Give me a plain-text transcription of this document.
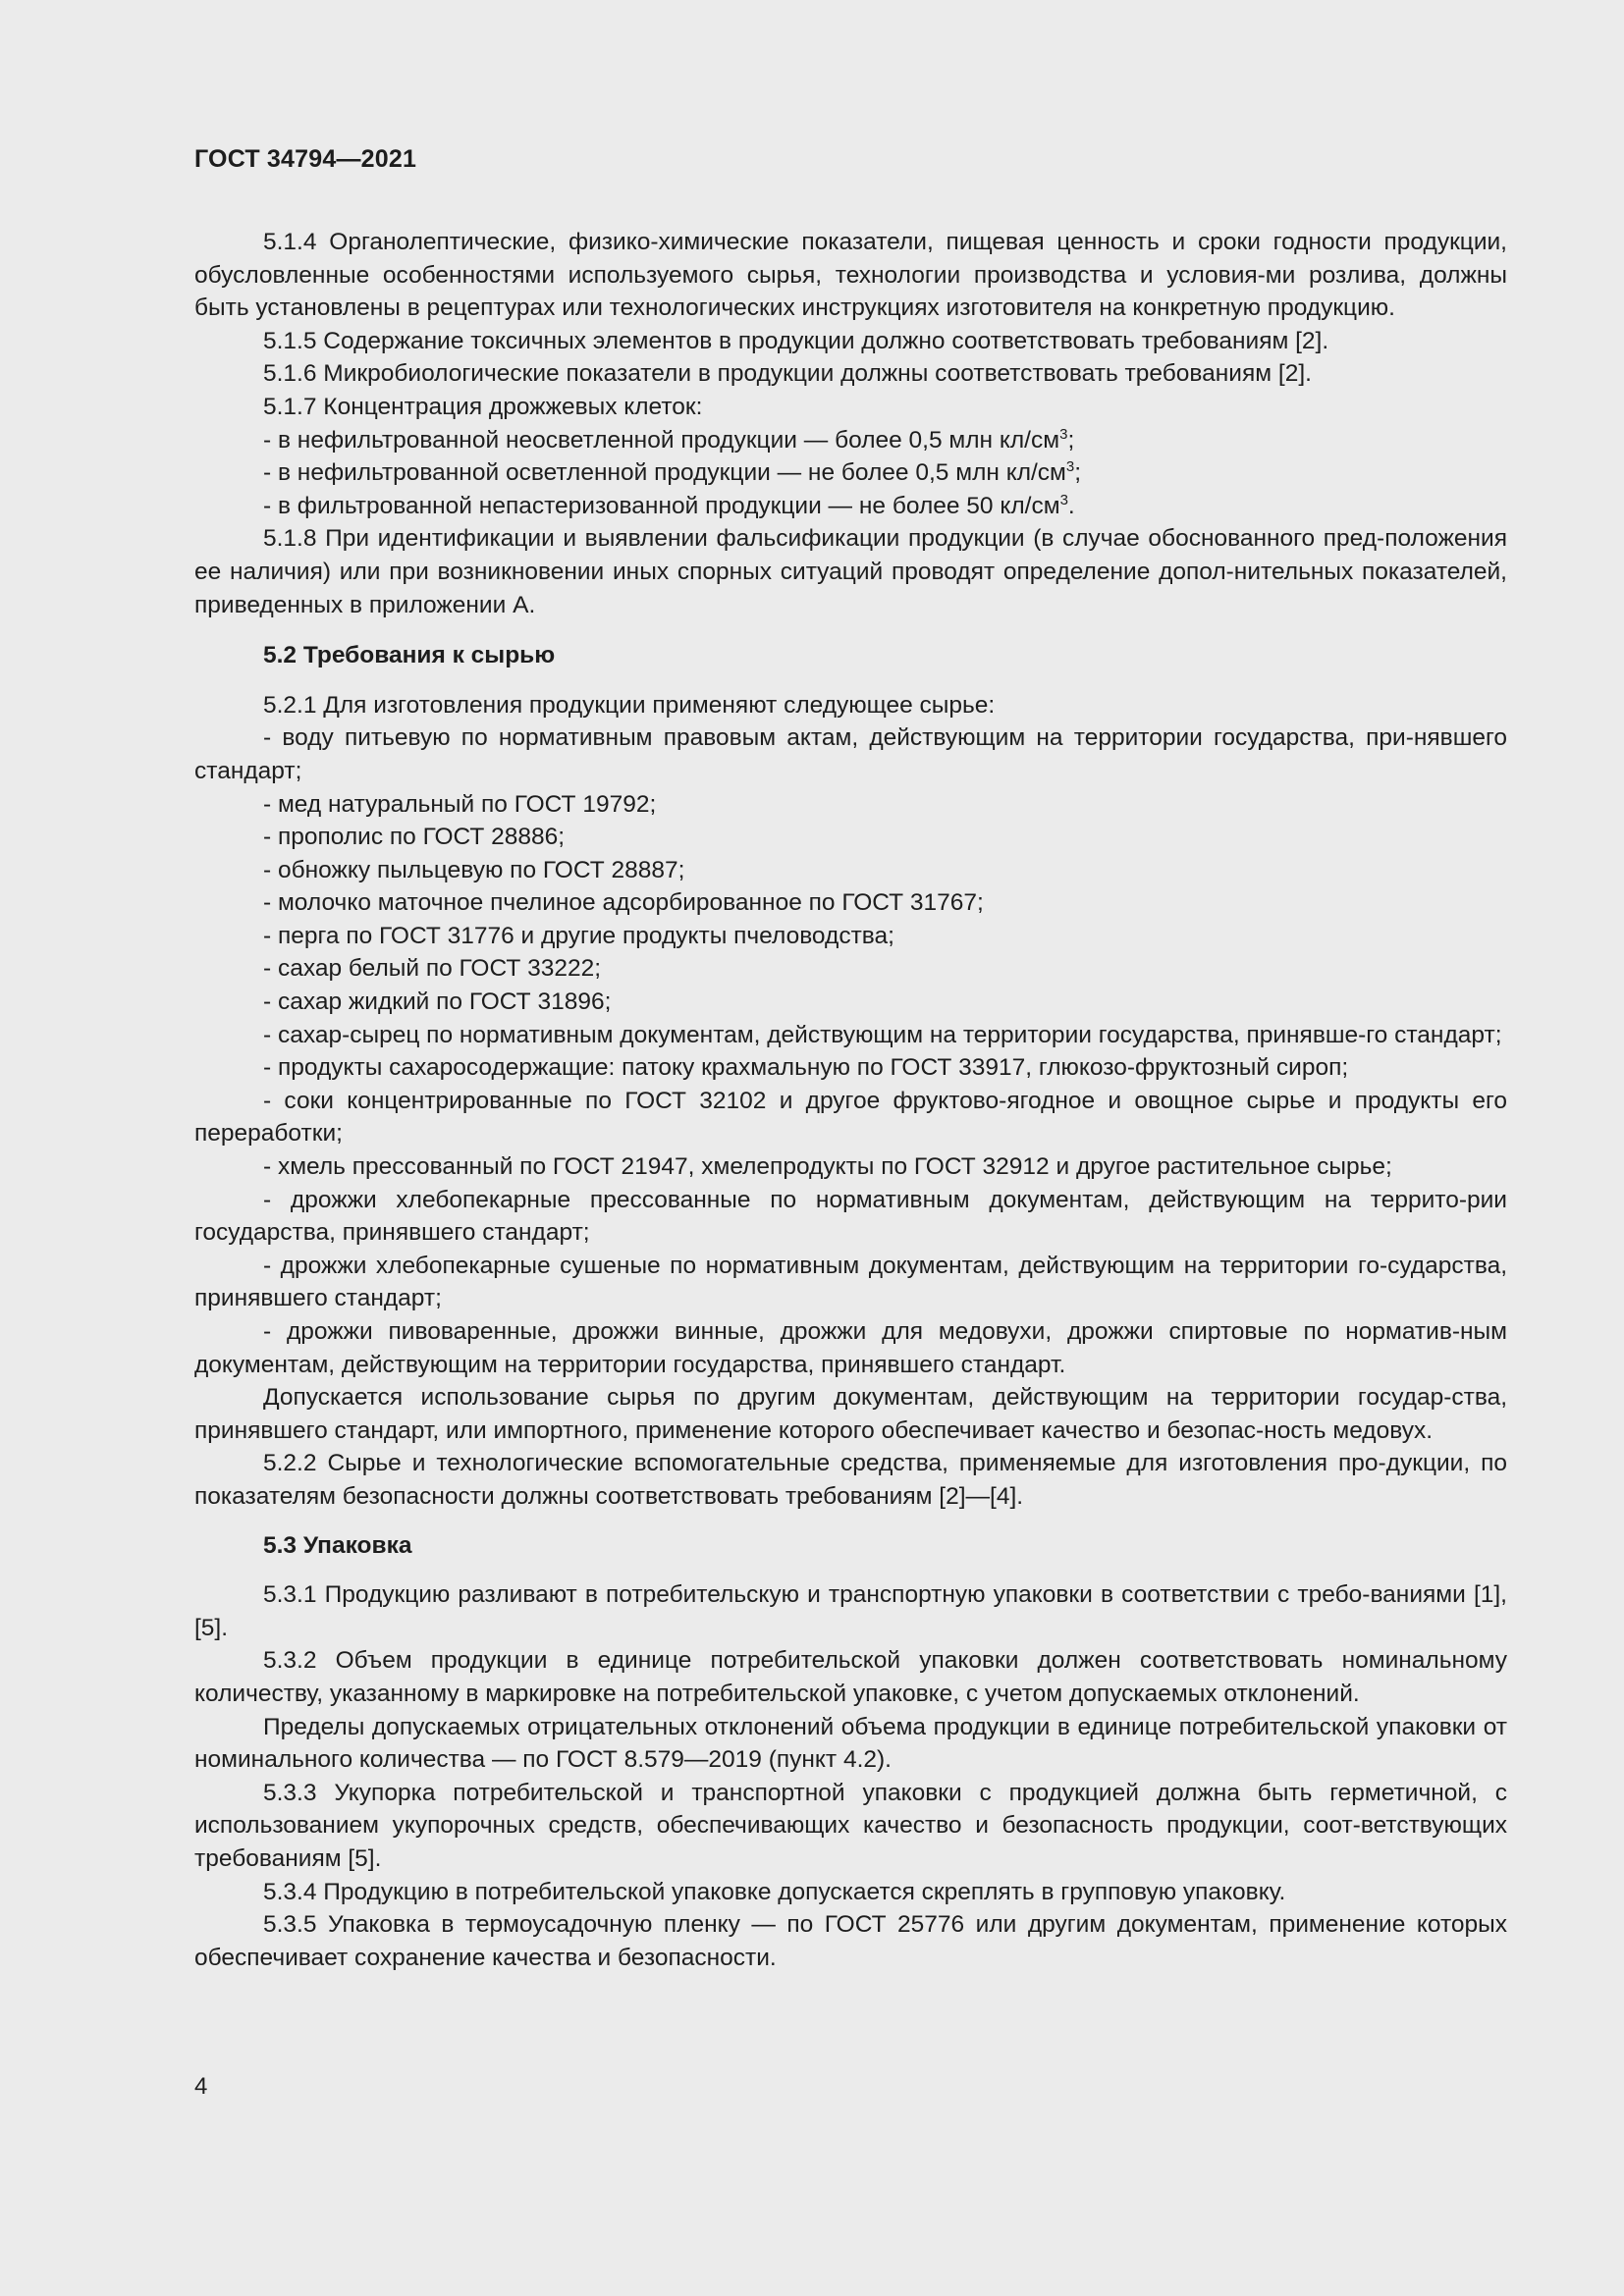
ГОСТ 34794—2021

5.1.4 Органолептические, физико-химические показатели, пищевая ценность и сроки годности продукции, обусловленные особенностями используемого сырья, технологии производства и условия-ми розлива, должны быть установлены в рецептурах или технологических инструкциях изготовителя на конкретную продукцию.

5.1.5 Содержание токсичных элементов в продукции должно соответствовать требованиям [2].

5.1.6 Микробиологические показатели в продукции должны соответствовать требованиям [2].

5.1.7 Концентрация дрожжевых клеток:

- в нефильтрованной неосветленной продукции — более 0,5 млн $кл/см^3$;

- в нефильтрованной осветленной продукции — не более 0,5 млн $кл/см^3$;

- в фильтрованной непастеризованной продукции — не более 50 $кл/см^3$.

5.1.8 При идентификации и выявлении фальсификации продукции (в случае обоснованного пред-положения ее наличия) или при возникновении иных спорных ситуаций проводят определение допол-нительных показателей, приведенных в приложении А.

5.2 Требования к сырью

5.2.1 Для изготовления продукции применяют следующее сырье:

- воду питьевую по нормативным правовым актам, действующим на территории государства, при-нявшего стандарт;

- мед натуральный по ГОСТ 19792;

- прополис по ГОСТ 28886;

- обножку пыльцевую по ГОСТ 28887;

- молочко маточное пчелиное адсорбированное по ГОСТ 31767;

- перга по ГОСТ 31776 и другие продукты пчеловодства;

- сахар белый по ГОСТ 33222;

- сахар жидкий по ГОСТ 31896;

- сахар-сырец по нормативным документам, действующим на территории государства, принявше-го стандарт;

- продукты сахаросодержащие: патоку крахмальную по ГОСТ 33917, глюкозо-фруктозный сироп;

- соки концентрированные по ГОСТ 32102 и другое фруктово-ягодное и овощное сырье и продукты его переработки;

- хмель прессованный по ГОСТ 21947, хмелепродукты по ГОСТ 32912 и другое растительное сырье;

- дрожжи хлебопекарные прессованные по нормативным документам, действующим на террито-рии государства, принявшего стандарт;

- дрожжи хлебопекарные сушеные по нормативным документам, действующим на территории го-сударства, принявшего стандарт;

- дрожжи пивоваренные, дрожжи винные, дрожжи для медовухи, дрожжи спиртовые по норматив-ным документам, действующим на территории государства, принявшего стандарт.

Допускается использование сырья по другим документам, действующим на территории государ-ства, принявшего стандарт, или импортного, применение которого обеспечивает качество и безопас-ность медовух.

5.2.2 Сырье и технологические вспомогательные средства, применяемые для изготовления про-дукции, по показателям безопасности должны соответствовать требованиям [2]—[4].

5.3 Упаковка

5.3.1 Продукцию разливают в потребительскую и транспортную упаковки в соответствии с требо-ваниями [1], [5].

5.3.2 Объем продукции в единице потребительской упаковки должен соответствовать номинальному количеству, указанному в маркировке на потребительской упаковке, с учетом допускаемых отклонений.

Пределы допускаемых отрицательных отклонений объема продукции в единице потребительской упаковки от номинального количества — по ГОСТ 8.579—2019 (пункт 4.2).

5.3.3 Укупорка потребительской и транспортной упаковки с продукцией должна быть герметичной, с использованием укупорочных средств, обеспечивающих качество и безопасность продукции, соот-ветствующих требованиям [5].

5.3.4 Продукцию в потребительской упаковке допускается скреплять в групповую упаковку.

5.3.5 Упаковка в термоусадочную пленку — по ГОСТ 25776 или другим документам, применение которых обеспечивает сохранение качества и безопасности.

4
